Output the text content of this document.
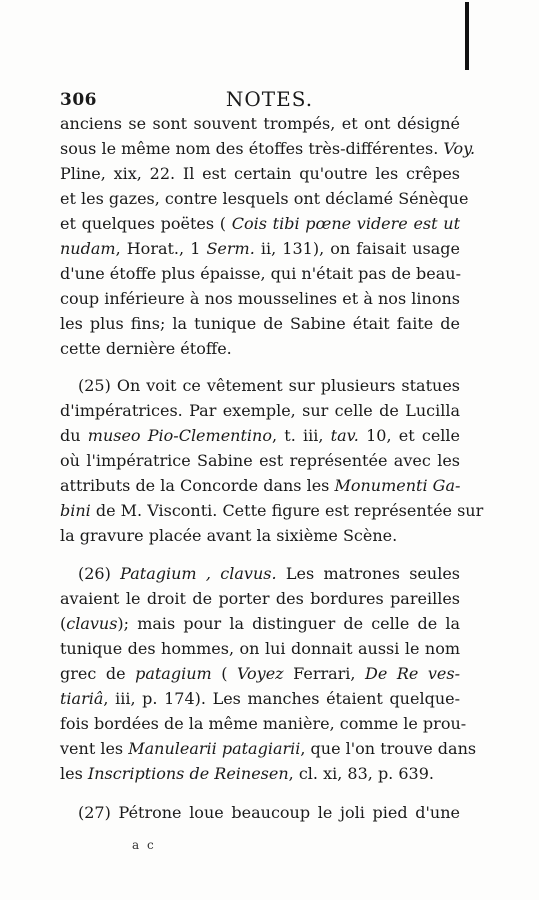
306	NOTES.
anciens se sont souvent trompés, et ont désigné
sous le même nom des étoffes très-différentes. Voy.
Pline, xix, 22. Il est certain qu'outre les crêpes
et les gazes, contre lesquels ont déclamé Sénèque
et quelques poëtes ( Cois tibi pœne videre est ut
nudam, Horat., 1 Serm. ii, 131), on faisait usage
d'une étoffe plus épaisse, qui n'était pas de beau-
coup inférieure à nos mousselines et à nos linons
les plus fins; la tunique de Sabine était faite de
cette dernière étoffe.
(25) On voit ce vêtement sur plusieurs statues
d'impératrices. Par exemple, sur celle de Lucilla
du museo Pio-Clementino, t. iii, tav. 10, et celle
où l'impératrice Sabine est représentée avec les
attributs de la Concorde dans les Monumenti Ga-
bini de M. Visconti. Cette figure est représentée sur
la gravure placée avant la sixième Scène.
(26) Patagium , clavus. Les matrones seules
avaient le droit de porter des bordures pareilles
(clavus); mais pour la distinguer de celle de la
tunique des hommes, on lui donnait aussi le nom
grec de patagium ( Voyez Ferrari, De Re ves-
tiariâ, iii, p. 174). Les manches étaient quelque-
fois bordées de la même manière, comme le prou-
vent les Manulearii patagiarii, que l'on trouve dans
les Inscriptions de Reinesen, cl. xi, 83, p. 639.
(27) Pétrone loue beaucoup le joli pied d'une
a c
